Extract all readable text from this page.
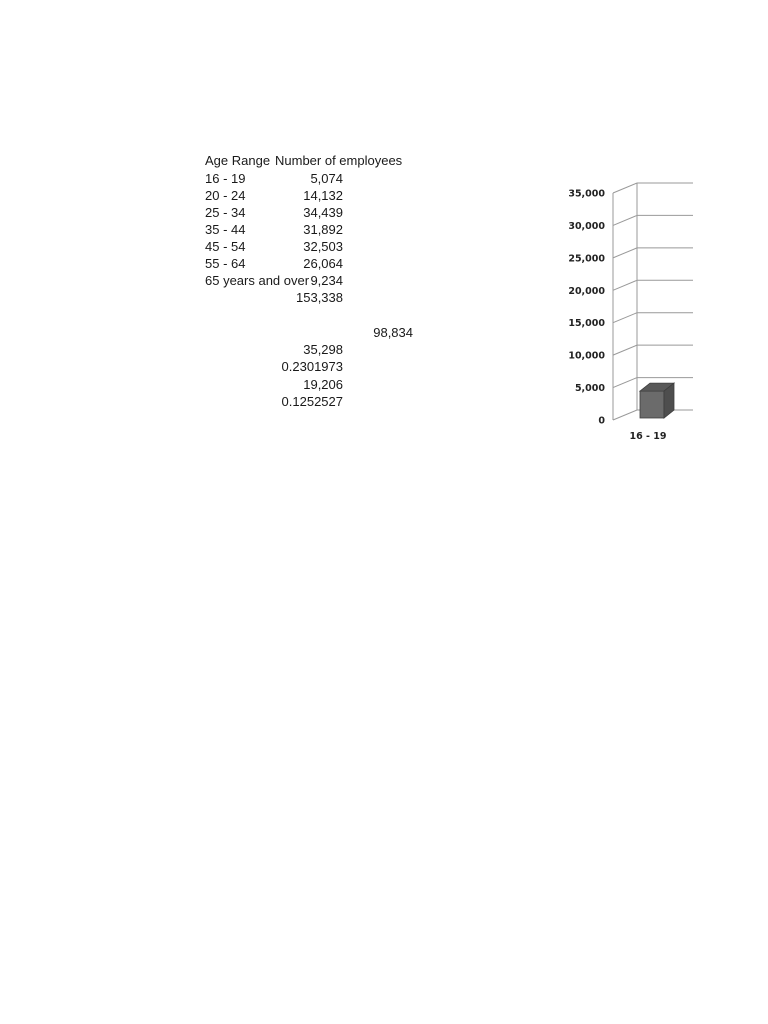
Age Range Number of employees
16 - 19	5,074
20 - 24	14,132
25 - 34	34,439
35 - 44	31,892
45 - 54	32,503
55 - 64	26,064
65 years and over 9,234
153,338
98,834
35,298
0.2301973
19,206
0.1252527
0
5,000
10,000
15,000
20,000
25,000
30,000
35,000
16 - 19
